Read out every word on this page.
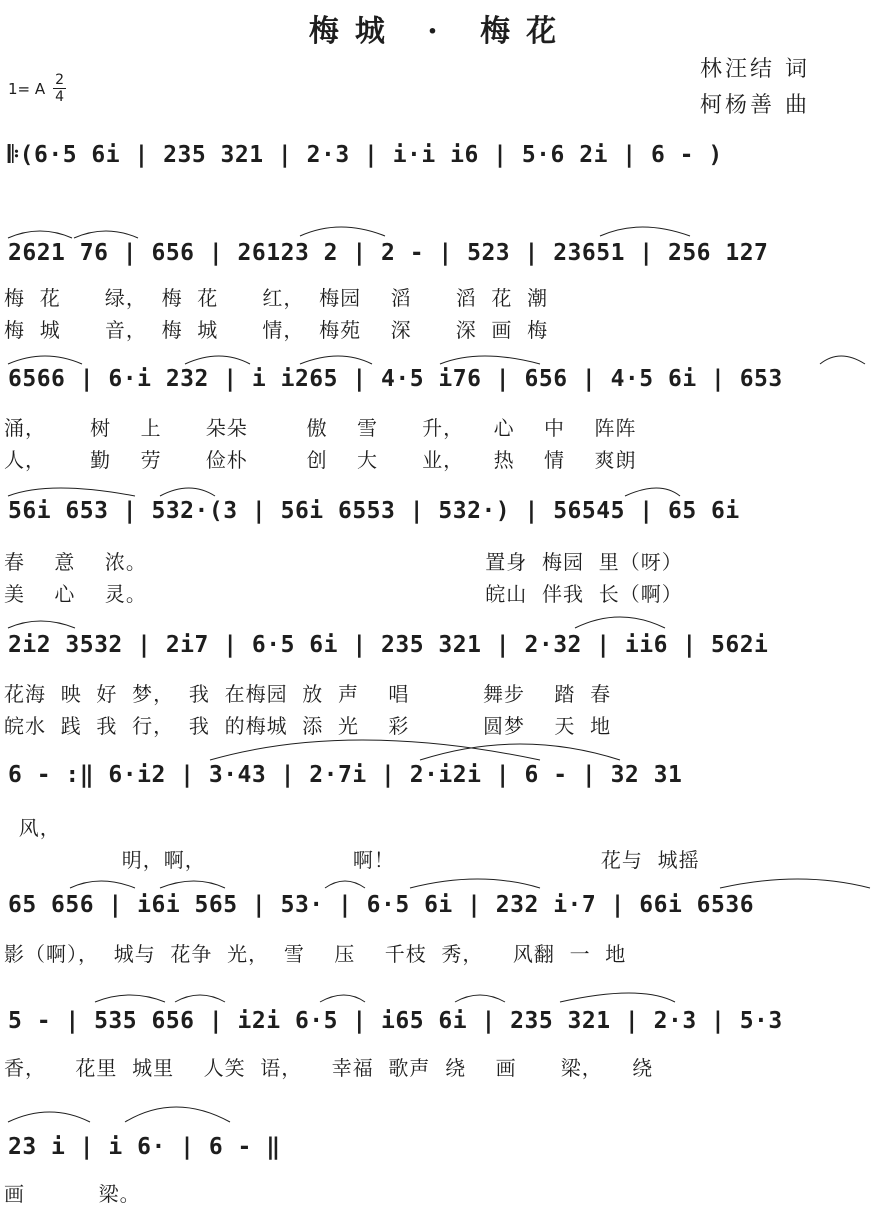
梅城 · 梅花
林汪结 词
柯杨善 曲
1= A $\frac{2}{4}$
𝄆(6·5 6i | 235 321 | 2·3 | i·i i6 | 5·6 2i | 6 - )
2621 76 | 656 | 26123 2 | 2 - | 523 | 23651 | 256 127
梅  花      绿，  梅  花      红，  梅园    滔      滔  花  潮
梅  城      音，  梅  城      情，  梅苑    深      深  画  梅
6566 | 6·i 232 | i i265 | 4·5 i76 | 656 | 4·5 6i | 653
涌，      树    上      朵朵        傲    雪      升，    心    中    阵阵
人，      勤    劳      俭朴        创    大      业，    热    情    爽朗
56i 653 | 532·(3 | 56i 6553 | 532·) | 56545 | 65 6i
春    意    浓。                                              置身  梅园  里（呀）
美    心    灵。                                              皖山  伴我  长（啊）
2i2 3532 | 2i7 | 6·5 6i | 235 321 | 2·32 | ii6 | 562i
花海  映  好  梦，  我  在梅园  放  声    唱          舞步    踏  春
皖水  践  我  行，  我  的梅城  添  光    彩          圆梦    天  地
6 - :‖ 6·i2 | 3·43 | 2·7i | 2·i2i | 6 - | 32 31
风，
明，啊，                    啊！                            花与  城摇
65 656 | i6i 565 | 53· | 6·5 6i | 232 i·7 | 66i 6536
影（啊），  城与  花争  光，  雪    压    千枝  秀，    风翻  一  地
5 - | 535 656 | i2i 6·5 | i65 6i | 235 321 | 2·3 | 5·3
香，    花里  城里    人笑  语，    幸福  歌声  绕    画      梁，    绕
23 i | i 6· | 6 - ‖
画          梁。
